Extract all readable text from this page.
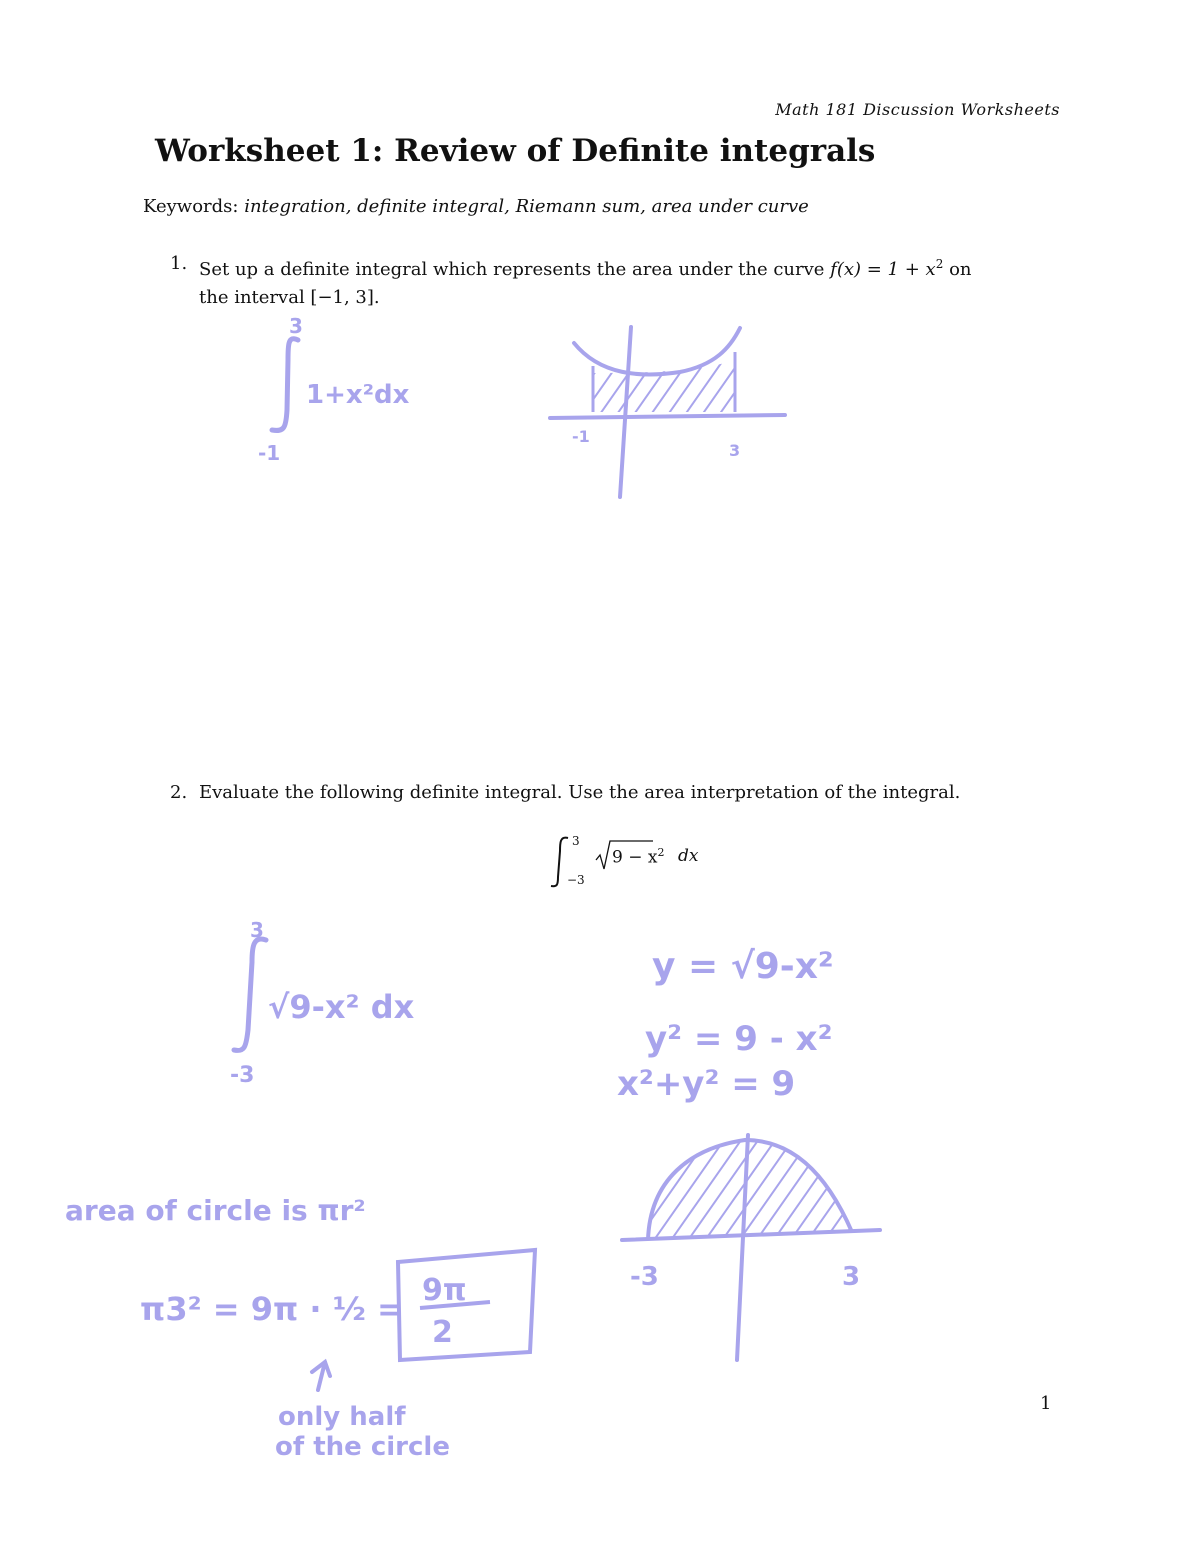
Math 181 Discussion Worksheets
Worksheet 1: Review of Definite integrals
Keywords: integration, definite integral, Riemann sum, area under curve
1. Set up a definite integral which represents the area under the curve $f(x) = 1 + x^2$ on
the interval [−1, 3].
2. Evaluate the following definite integral. Use the area interpretation of the integral.
3
−3
$9 - x^2$ dx
1
3
-1
1+x²dx
-1
3
3
-3
√9-x² dx
y = √9-x²
y² = 9 - x²
x²+y² = 9
-3	3
area of circle is πr²
π3² = 9π · ½ = 9π
2
only half
of the circle
